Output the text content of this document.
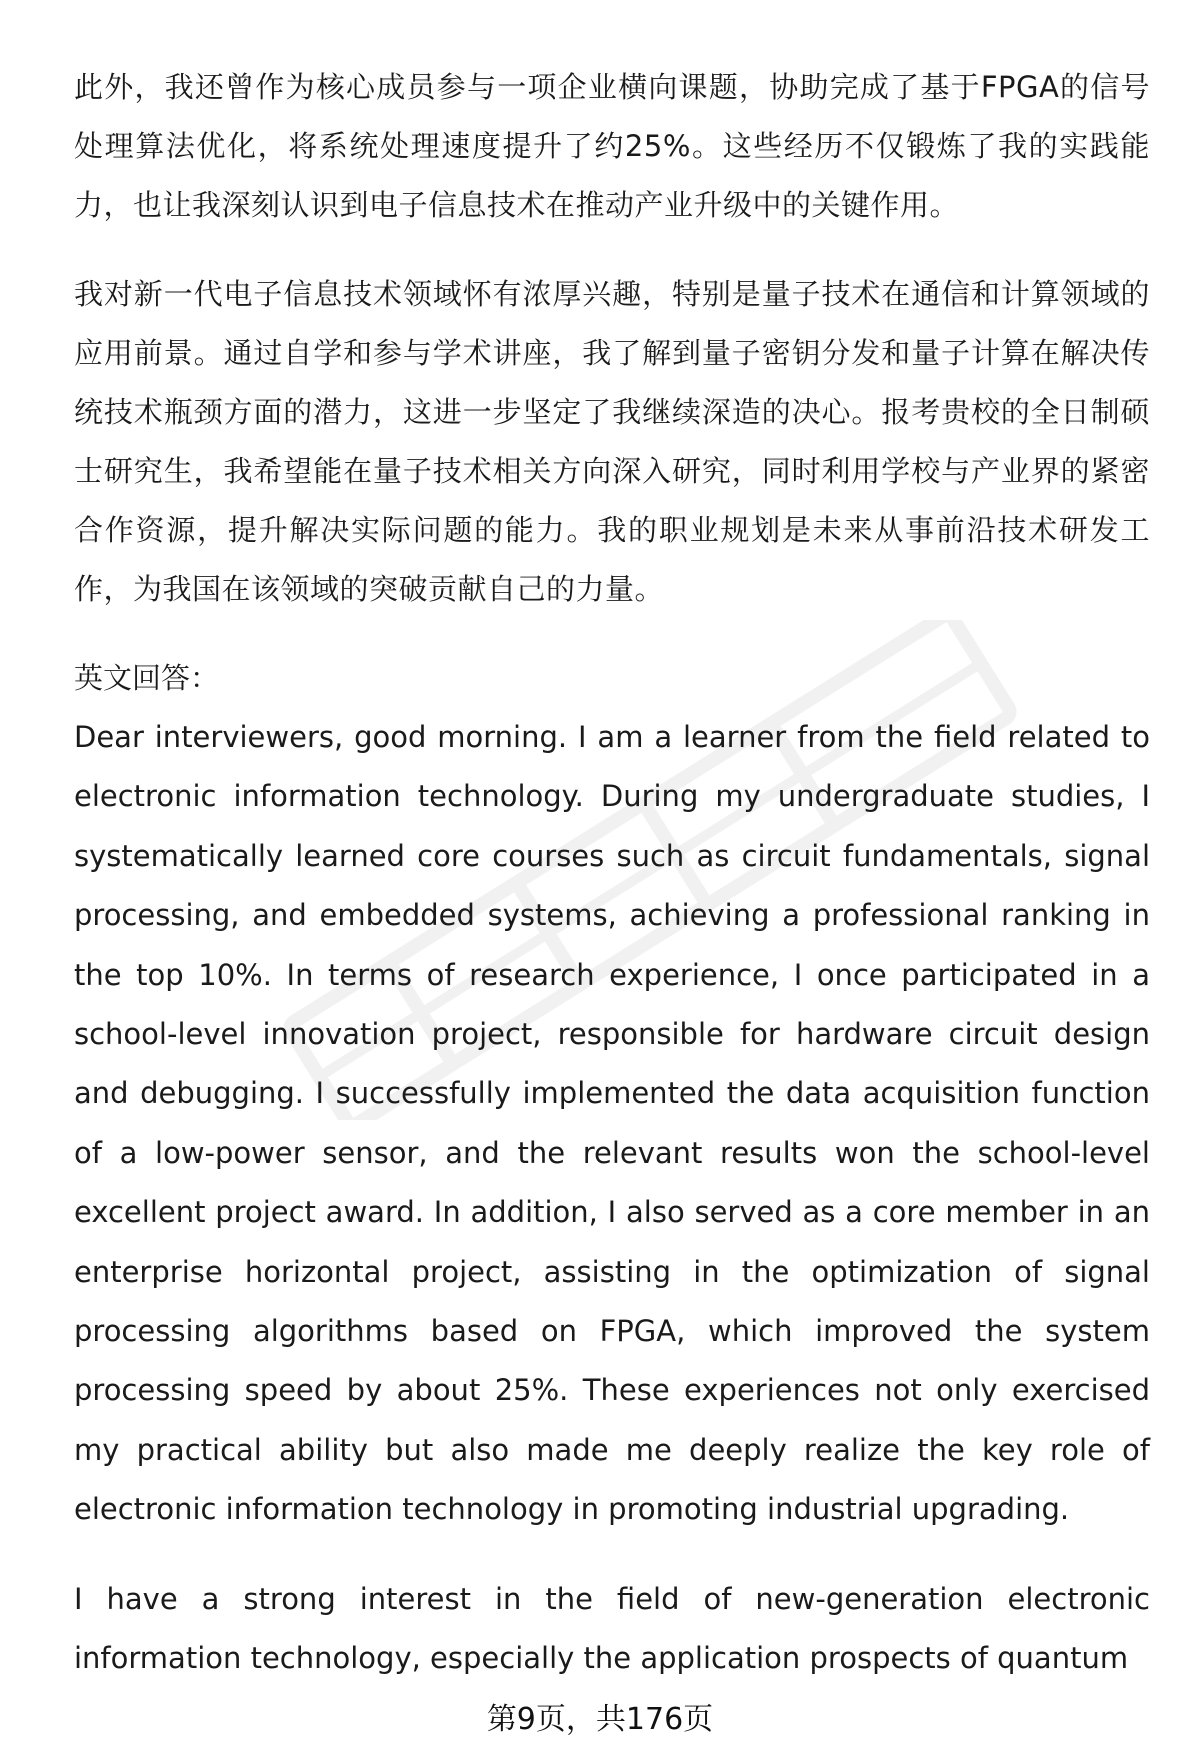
此外，我还曾作为核心成员参与一项企业横向课题，协助完成了基于FPGA的信号处理算法优化，将系统处理速度提升了约25%。这些经历不仅锻炼了我的实践能力，也让我深刻认识到电子信息技术在推动产业升级中的关键作用。

我对新一代电子信息技术领域怀有浓厚兴趣，特别是量子技术在通信和计算领域的应用前景。通过自学和参与学术讲座，我了解到量子密钥分发和量子计算在解决传统技术瓶颈方面的潜力，这进一步坚定了我继续深造的决心。报考贵校的全日制硕士研究生，我希望能在量子技术相关方向深入研究，同时利用学校与产业界的紧密合作资源，提升解决实际问题的能力。我的职业规划是未来从事前沿技术研发工作，为我国在该领域的突破贡献自己的力量。

英文回答：

Dear interviewers, good morning. I am a learner from the field related to electronic information technology. During my undergraduate studies, I systematically learned core courses such as circuit fundamentals, signal processing, and embedded systems, achieving a professional ranking in the top 10%. In terms of research experience, I once participated in a school-level innovation project, responsible for hardware circuit design and debugging. I successfully implemented the data acquisition function of a low-power sensor, and the relevant results won the school-level excellent project award. In addition, I also served as a core member in an enterprise horizontal project, assisting in the optimization of signal processing algorithms based on FPGA, which improved the system processing speed by about 25%. These experiences not only exercised my practical ability but also made me deeply realize the key role of electronic information technology in promoting industrial upgrading.

I have a strong interest in the field of new-generation electronic information technology, especially the application prospects of quantum

第9页，共176页
